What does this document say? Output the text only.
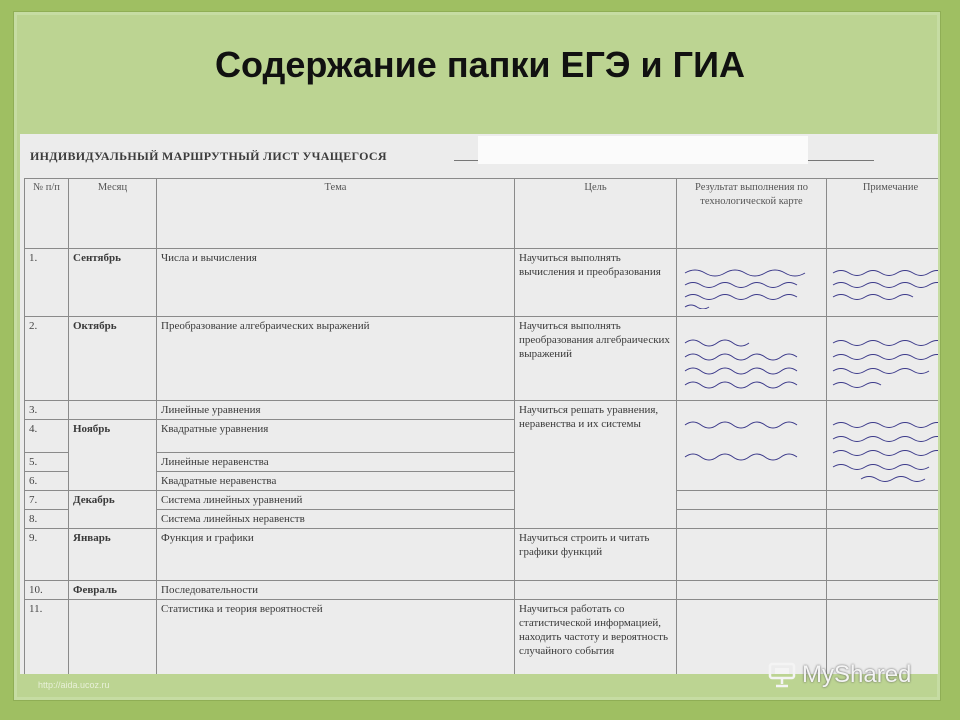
Содержание папки ЕГЭ и ГИА
ИНДИВИДУАЛЬНЫЙ МАРШРУТНЫЙ ЛИСТ УЧАЩЕГОСЯ
№ п/п	Месяц	Тема	Цель	Результат выполнения по технологической карте	Примечание
1.	Сентябрь	Числа и вычисления	Научиться выполнять вычисления и преобразования	

2.	Октябрь	Преобразование алгебраических выражений	Научиться выполнять преобразования алгебраических выражений	

3.		Линейные уравнения	Научиться решать уравнения, неравенства и их системы	

4.	Ноябрь	Квадратные уравнения			
5.		Линейные неравенства			
6.		Квадратные неравенства			
7.	Декабрь	Система линейных уравнений			
8.		Система линейных неравенств			
9.	Январь	Функция и графики	Научиться строить и читать графики функций		
10.	Февраль	Последовательности			
11.		Статистика и теория вероятностей	Научиться работать со статистической информацией, находить частоту и вероятность случайного события		
http://aida.ucoz.ru	MyShared
